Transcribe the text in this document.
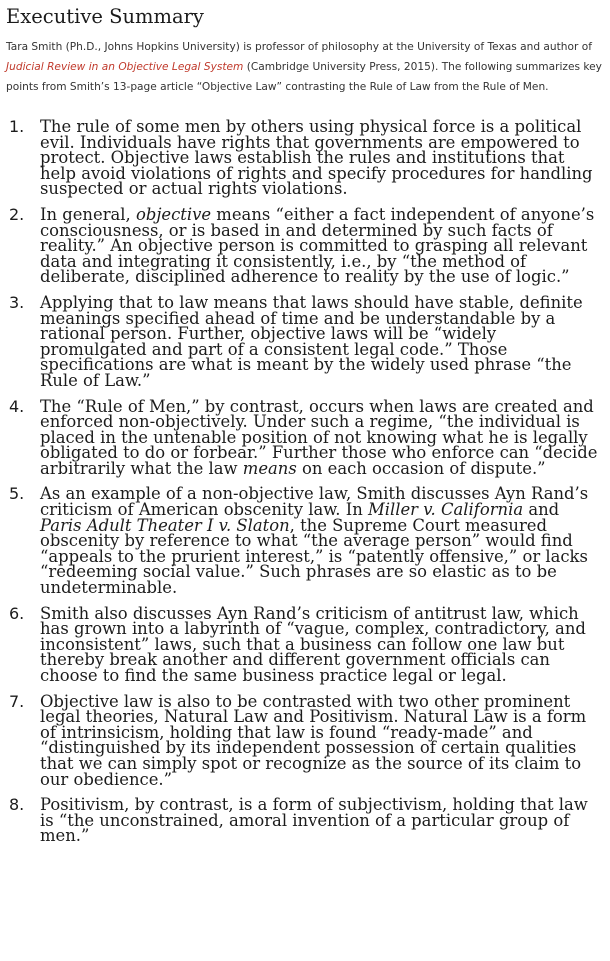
Executive Summary

Tara Smith (Ph.D., Johns Hopkins University) is professor of philosophy at the University of Texas and author of Judicial Review in an Objective Legal System (Cambridge University Press, 2015). The following summarizes key points from Smith’s 13-page article “Objective Law” contrasting the Rule of Law from the Rule of Men.

1. The rule of some men by others using physical force is a political evil. Individuals have rights that governments are empowered to protect. Objective laws establish the rules and institutions that help avoid violations of rights and specify procedures for handling suspected or actual rights violations.
2. In general, objective means “either a fact independent of anyone’s consciousness, or is based in and determined by such facts of reality.” An objective person is committed to grasping all relevant data and integrating it consistently, i.e., by “the method of deliberate, disciplined adherence to reality by the use of logic.”
3. Applying that to law means that laws should have stable, definite meanings specified ahead of time and be understandable by a rational person. Further, objective laws will be “widely promulgated and part of a consistent legal code.” Those specifications are what is meant by the widely used phrase “the Rule of Law.”
4. The “Rule of Men,” by contrast, occurs when laws are created and enforced non-objectively. Under such a regime, “the individual is placed in the untenable position of not knowing what he is legally obligated to do or forbear.” Further those who enforce can “decide arbitrarily what the law means on each occasion of dispute.”
5. As an example of a non-objective law, Smith discusses Ayn Rand’s criticism of American obscenity law. In Miller v. California and Paris Adult Theater I v. Slaton, the Supreme Court measured obscenity by reference to what “the average person” would find “appeals to the prurient interest,” is “patently offensive,” or lacks “redeeming social value.” Such phrases are so elastic as to be undeterminable.
6. Smith also discusses Ayn Rand’s criticism of antitrust law, which has grown into a labyrinth of “vague, complex, contradictory, and inconsistent” laws, such that a business can follow one law but thereby break another and different government officials can choose to find the same business practice legal or legal.
7. Objective law is also to be contrasted with two other prominent legal theories, Natural Law and Positivism. Natural Law is a form of intrinsicism, holding that law is found “ready-made” and “distinguished by its independent possession of certain qualities that we can simply spot or recognize as the source of its claim to our obedience.”
8. Positivism, by contrast, is a form of subjectivism, holding that law is “the unconstrained, amoral invention of a particular group of men.”
